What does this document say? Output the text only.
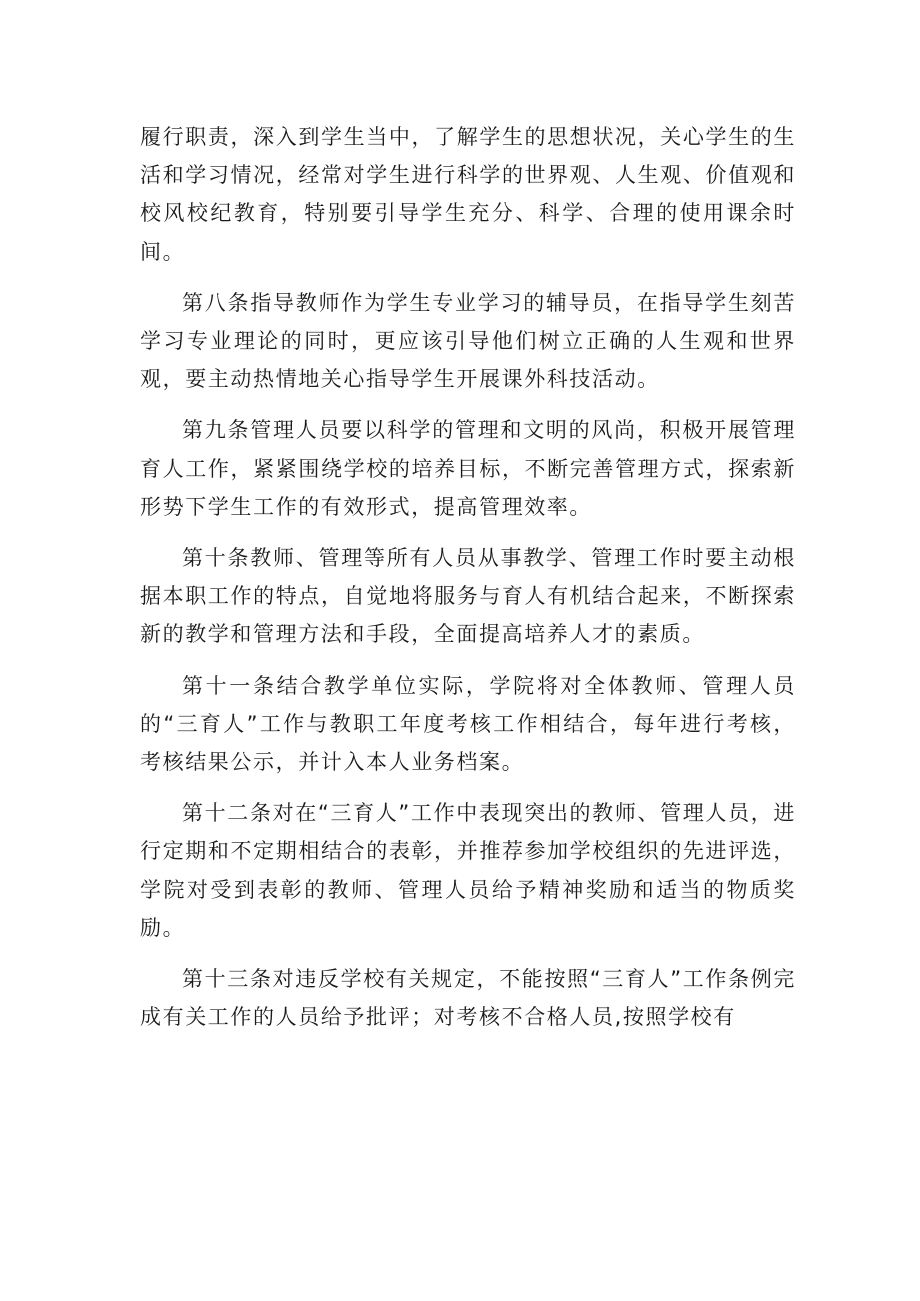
履行职责，深入到学生当中，了解学生的思想状况，关心学生的生活和学习情况，经常对学生进行科学的世界观、人生观、价值观和校风校纪教育，特别要引导学生充分、科学、合理的使用课余时间。

第八条指导教师作为学生专业学习的辅导员，在指导学生刻苦学习专业理论的同时，更应该引导他们树立正确的人生观和世界观，要主动热情地关心指导学生开展课外科技活动。

第九条管理人员要以科学的管理和文明的风尚，积极开展管理育人工作，紧紧围绕学校的培养目标，不断完善管理方式，探索新形势下学生工作的有效形式，提高管理效率。

第十条教师、管理等所有人员从事教学、管理工作时要主动根据本职工作的特点，自觉地将服务与育人有机结合起来，不断探索新的教学和管理方法和手段，全面提高培养人才的素质。

第十一条结合教学单位实际，学院将对全体教师、管理人员的“三育人”工作与教职工年度考核工作相结合，每年进行考核，考核结果公示，并计入本人业务档案。

第十二条对在“三育人”工作中表现突出的教师、管理人员，进行定期和不定期相结合的表彰，并推荐参加学校组织的先进评选，学院对受到表彰的教师、管理人员给予精神奖励和适当的物质奖励。

第十三条对违反学校有关规定，不能按照“三育人”工作条例完成有关工作的人员给予批评；对考核不合格人员,按照学校有
